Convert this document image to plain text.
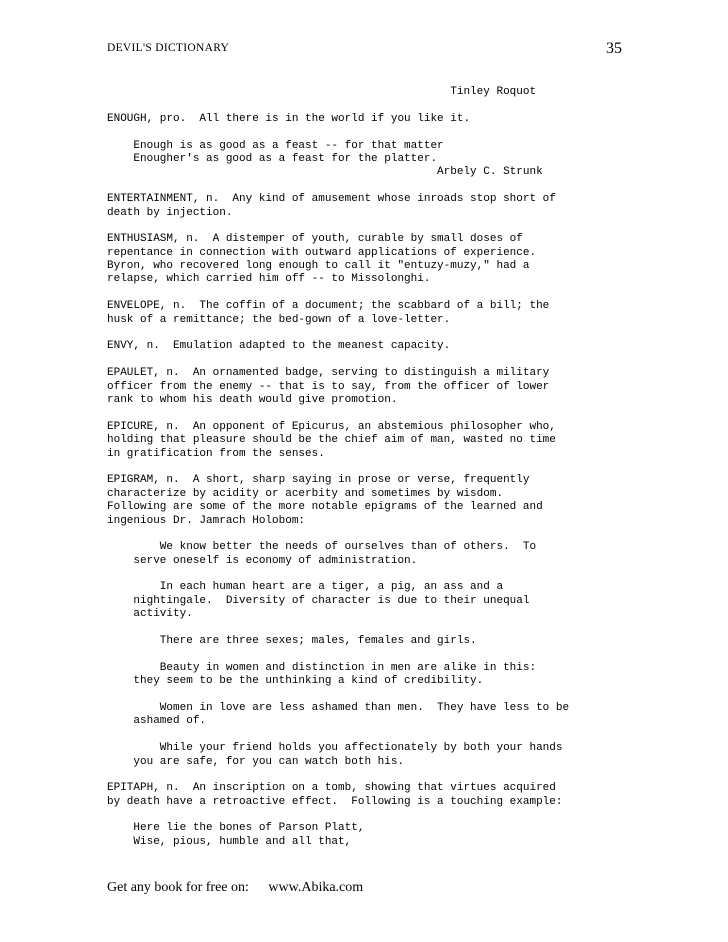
DEVIL'S DICTIONARY	35
Tinley Roquot
ENOUGH, pro.  All there is in the world if you like it.
Enough is as good as a feast -- for that matter
Enougher's as good as a feast for the platter.
Arbely C. Strunk
ENTERTAINMENT, n.  Any kind of amusement whose inroads stop short of
death by injection.
ENTHUSIASM, n.  A distemper of youth, curable by small doses of
repentance in connection with outward applications of experience.
Byron, who recovered long enough to call it "entuzy-muzy," had a
relapse, which carried him off -- to Missolonghi.
ENVELOPE, n.  The coffin of a document; the scabbard of a bill; the
husk of a remittance; the bed-gown of a love-letter.
ENVY, n.  Emulation adapted to the meanest capacity.
EPAULET, n.  An ornamented badge, serving to distinguish a military
officer from the enemy -- that is to say, from the officer of lower
rank to whom his death would give promotion.
EPICURE, n.  An opponent of Epicurus, an abstemious philosopher who,
holding that pleasure should be the chief aim of man, wasted no time
in gratification from the senses.
EPIGRAM, n.  A short, sharp saying in prose or verse, frequently
characterize by acidity or acerbity and sometimes by wisdom.
Following are some of the more notable epigrams of the learned and
ingenious Dr. Jamrach Holobom:
We know better the needs of ourselves than of others.  To
serve oneself is economy of administration.
In each human heart are a tiger, a pig, an ass and a
nightingale.  Diversity of character is due to their unequal
activity.
There are three sexes; males, females and girls.
Beauty in women and distinction in men are alike in this:
they seem to be the unthinking a kind of credibility.
Women in love are less ashamed than men.  They have less to be
ashamed of.
While your friend holds you affectionately by both your hands
you are safe, for you can watch both his.
EPITAPH, n.  An inscription on a tomb, showing that virtues acquired
by death have a retroactive effect.  Following is a touching example:
Here lie the bones of Parson Platt,
Wise, pious, humble and all that,
Get any book for free on: www.Abika.com
